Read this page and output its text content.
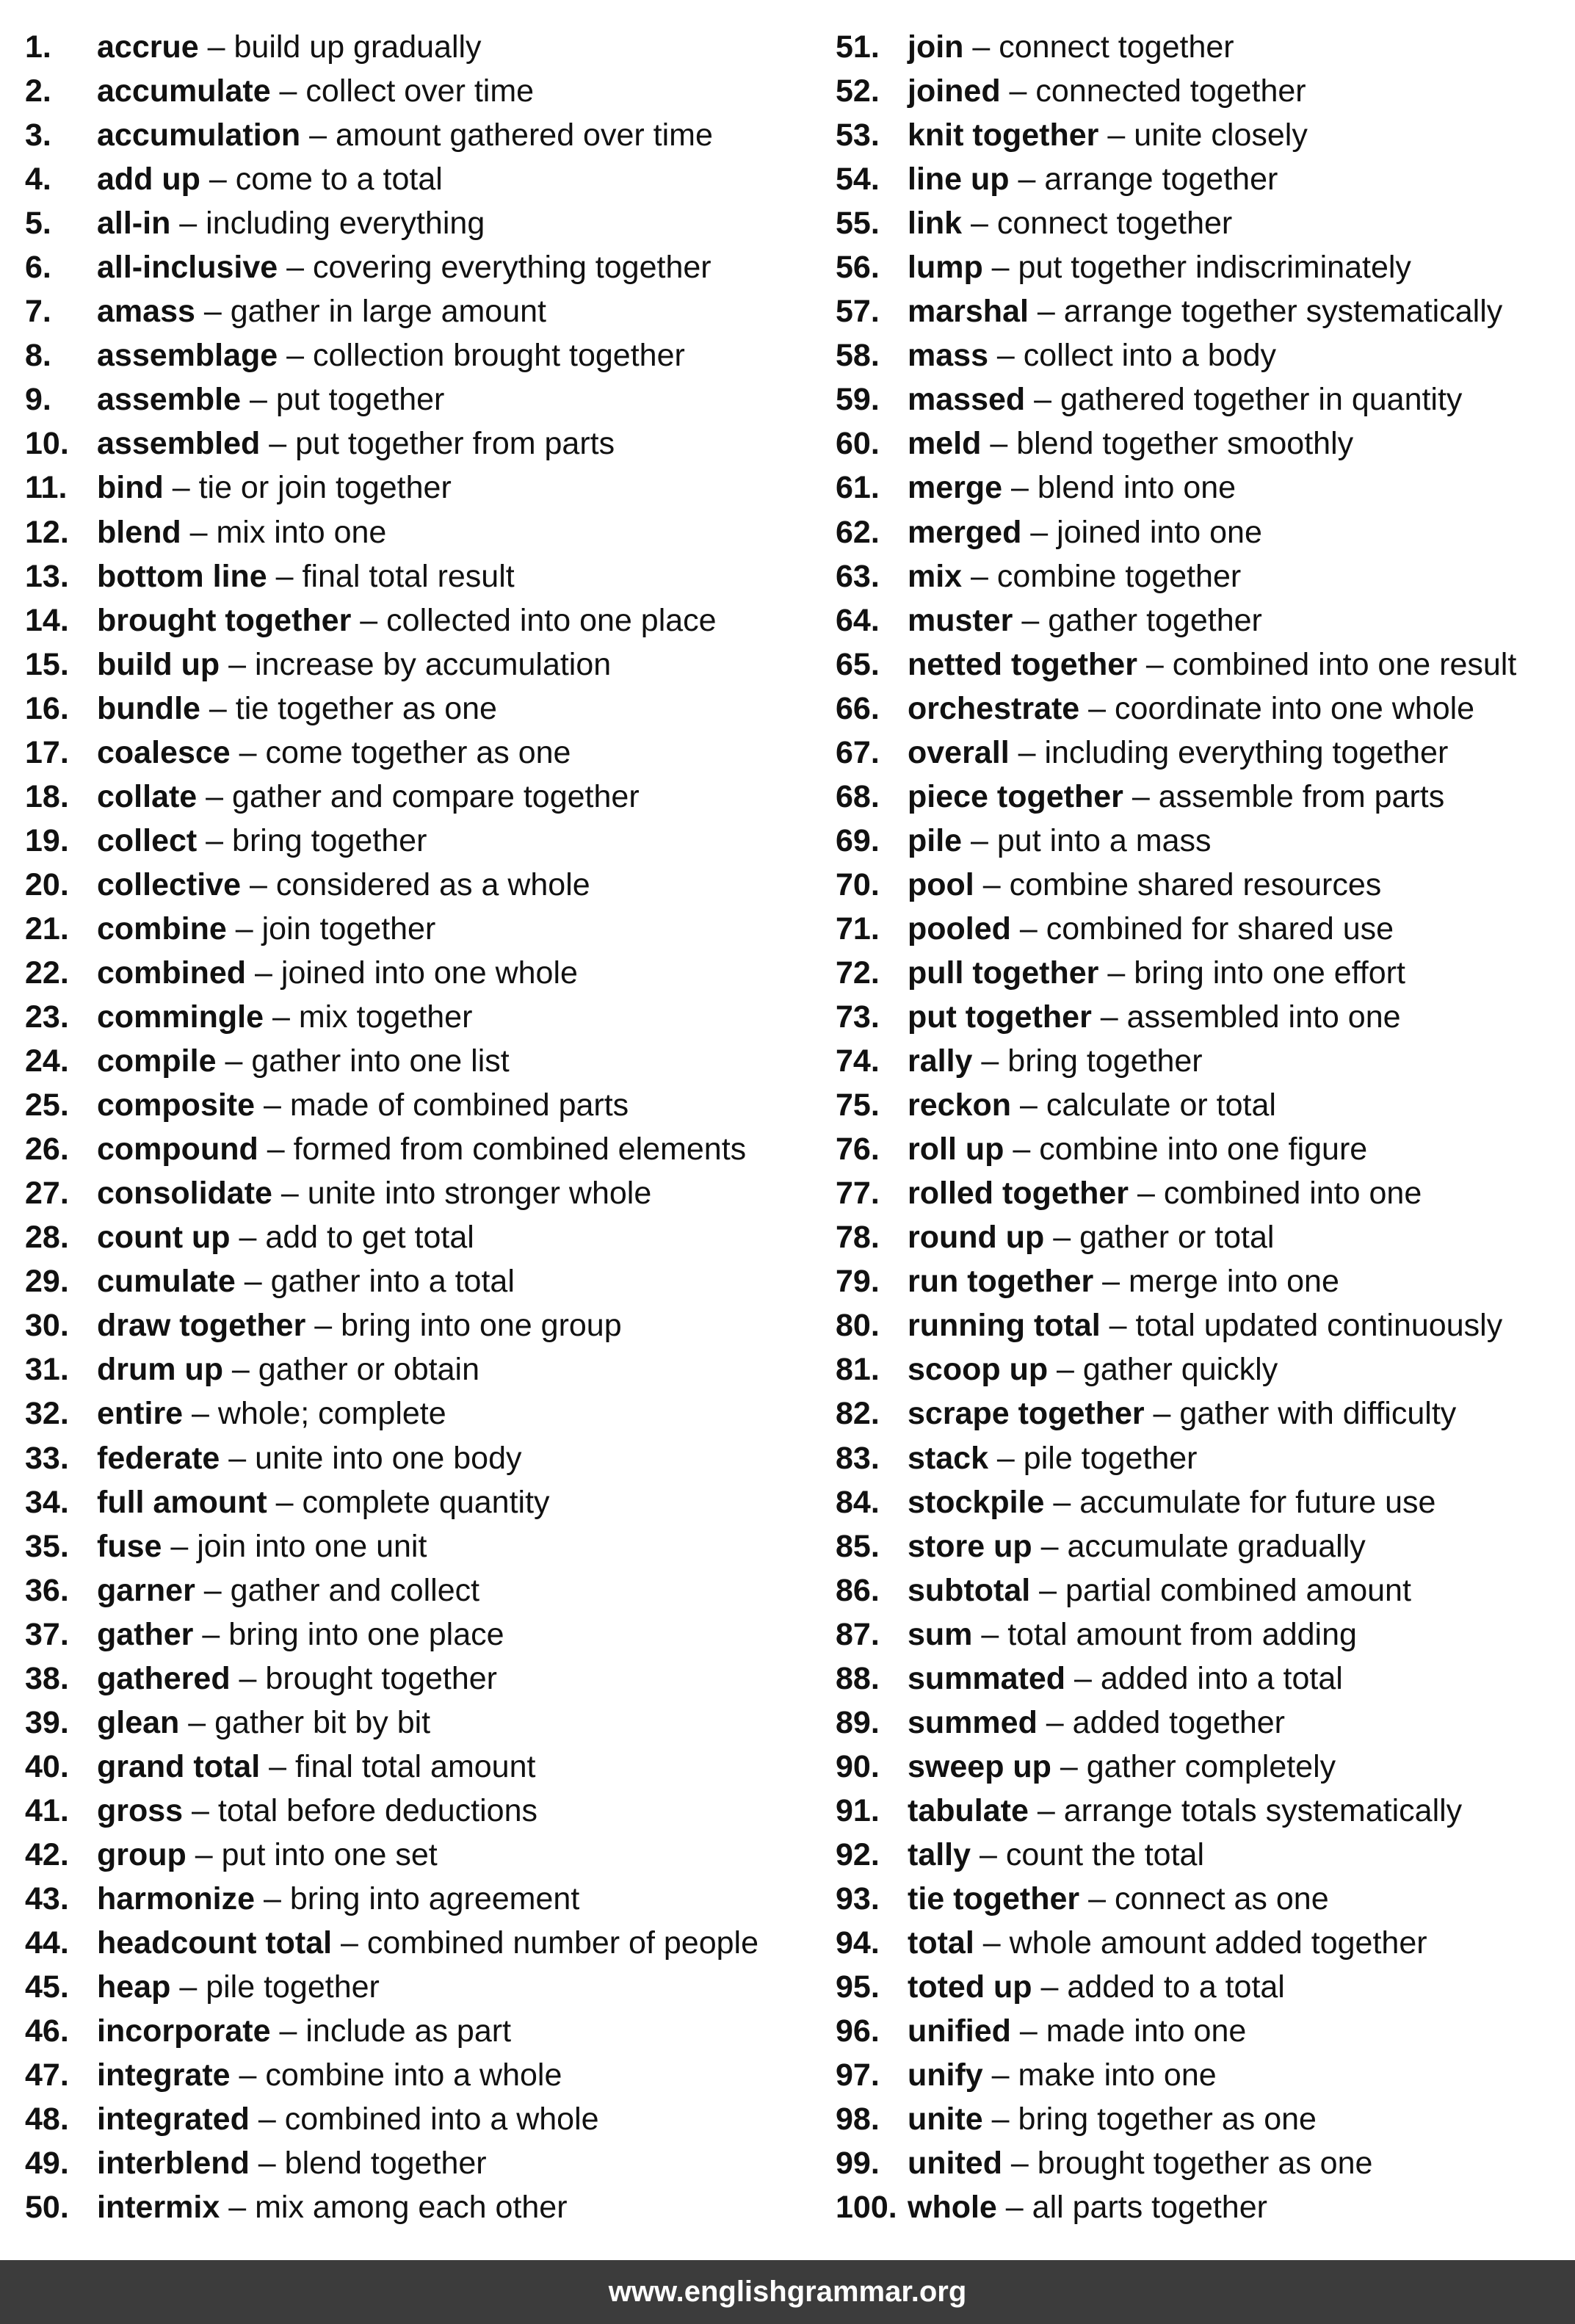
1. accrue – build up gradually
2. accumulate – collect over time
3. accumulation – amount gathered over time
4. add up – come to a total
5. all-in – including everything
6. all-inclusive – covering everything together
7. amass – gather in large amount
8. assemblage – collection brought together
9. assemble – put together
10. assembled – put together from parts
11. bind – tie or join together
12. blend – mix into one
13. bottom line – final total result
14. brought together – collected into one place
15. build up – increase by accumulation
16. bundle – tie together as one
17. coalesce – come together as one
18. collate – gather and compare together
19. collect – bring together
20. collective – considered as a whole
21. combine – join together
22. combined – joined into one whole
23. commingle – mix together
24. compile – gather into one list
25. composite – made of combined parts
26. compound – formed from combined elements
27. consolidate – unite into stronger whole
28. count up – add to get total
29. cumulate – gather into a total
30. draw together – bring into one group
31. drum up – gather or obtain
32. entire – whole; complete
33. federate – unite into one body
34. full amount – complete quantity
35. fuse – join into one unit
36. garner – gather and collect
37. gather – bring into one place
38. gathered – brought together
39. glean – gather bit by bit
40. grand total – final total amount
41. gross – total before deductions
42. group – put into one set
43. harmonize – bring into agreement
44. headcount total – combined number of people
45. heap – pile together
46. incorporate – include as part
47. integrate – combine into a whole
48. integrated – combined into a whole
49. interblend – blend together
50. intermix – mix among each other
51. join – connect together
52. joined – connected together
53. knit together – unite closely
54. line up – arrange together
55. link – connect together
56. lump – put together indiscriminately
57. marshal – arrange together systematically
58. mass – collect into a body
59. massed – gathered together in quantity
60. meld – blend together smoothly
61. merge – blend into one
62. merged – joined into one
63. mix – combine together
64. muster – gather together
65. netted together – combined into one result
66. orchestrate – coordinate into one whole
67. overall – including everything together
68. piece together – assemble from parts
69. pile – put into a mass
70. pool – combine shared resources
71. pooled – combined for shared use
72. pull together – bring into one effort
73. put together – assembled into one
74. rally – bring together
75. reckon – calculate or total
76. roll up – combine into one figure
77. rolled together – combined into one
78. round up – gather or total
79. run together – merge into one
80. running total – total updated continuously
81. scoop up – gather quickly
82. scrape together – gather with difficulty
83. stack – pile together
84. stockpile – accumulate for future use
85. store up – accumulate gradually
86. subtotal – partial combined amount
87. sum – total amount from adding
88. summated – added into a total
89. summed – added together
90. sweep up – gather completely
91. tabulate – arrange totals systematically
92. tally – count the total
93. tie together – connect as one
94. total – whole amount added together
95. toted up – added to a total
96. unified – made into one
97. unify – make into one
98. unite – bring together as one
99. united – brought together as one
100. whole – all parts together
www.englishgrammar.org
